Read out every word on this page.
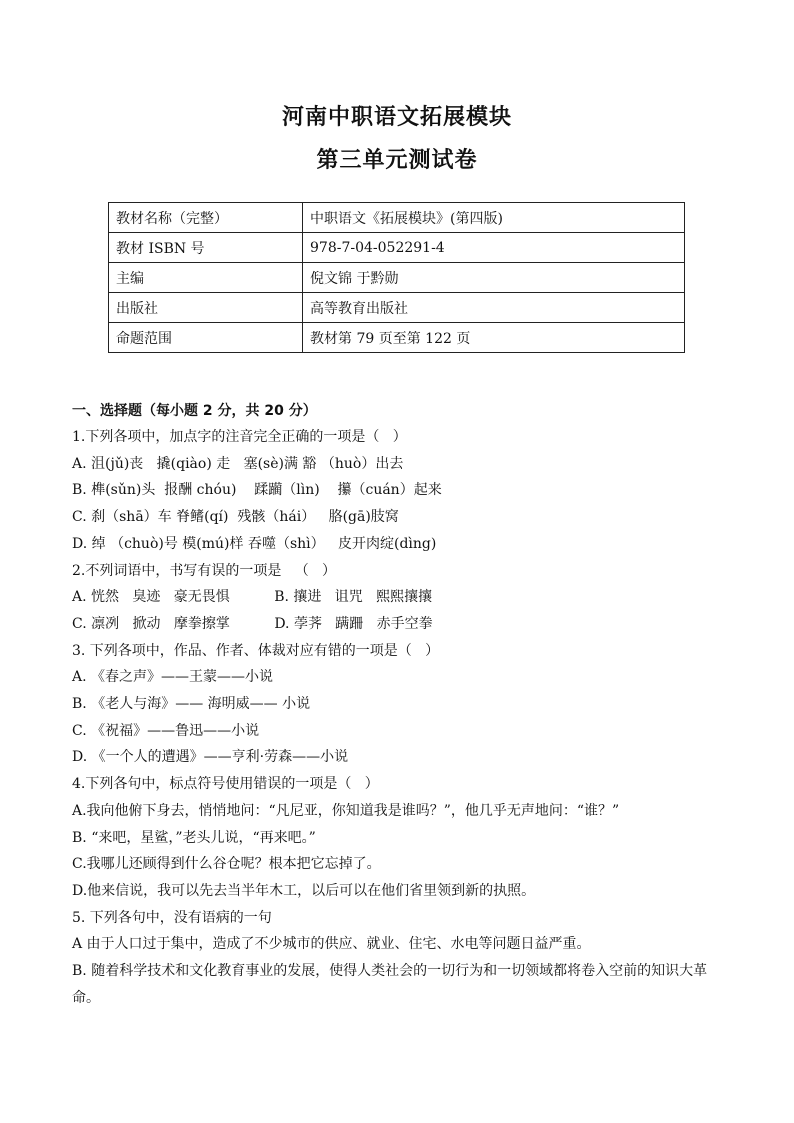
河南中职语文拓展模块
第三单元测试卷
教材名称（完整）	中职语文《拓展模块》(第四版)
教材 ISBN 号	978-7-04-052291-4
主编	倪文锦 于黔勋
出版社	高等教育出版社
命题范围	教材第 79 页至第 122 页
一、选择题（每小题 2 分，共 20 分）
1.下列各项中，加点字的注音完全正确的一项是（   ）
A. 沮(jǔ)丧   撬(qiào) 走   塞(sè)满 豁 （huò）出去
B. 榫(sǔn)头  报酬 chóu)    蹂躏（lìn)    攥（cuán）起来
C. 刹（shā）车 脊鳍(qí)  残骸（hái）   胳(gā)肢窝
D. 绰 （chuò)号 模(mú)样 吞噬（shì）   皮开肉绽(dìng)
2.不列词语中，书写有误的一项是   （   ）
A. 恍然   臭迹   豪无畏惧          B. 攘进   诅咒   熙熙攘攘
C. 凛冽   掀动   摩拳擦掌          D. 荸荠   蹒跚   赤手空拳
3. 下列各项中，作品、作者、体裁对应有错的一项是（   ）
A. 《春之声》——王蒙——小说
B. 《老人与海》—— 海明威—— 小说
C. 《祝福》——鲁迅——小说
D. 《一个人的遭遇》——亨利·劳森——小说
4.下列各句中，标点符号使用错误的一项是（   ）
A.我向他俯下身去，悄悄地问：“凡尼亚，你知道我是谁吗？”，他几乎无声地问：“谁？”
B. “来吧，星鲨，”老头儿说，“再来吧。”
C.我哪儿还顾得到什么谷仓呢？根本把它忘掉了。
D.他来信说，我可以先去当半年木工，以后可以在他们省里领到新的执照。
5. 下列各句中，没有语病的一句
A 由于人口过于集中，造成了不少城市的供应、就业、住宅、水电等问题日益严重。
B. 随着科学技术和文化教育事业的发展，使得人类社会的一切行为和一切领域都将卷入空前的知识大革命。
